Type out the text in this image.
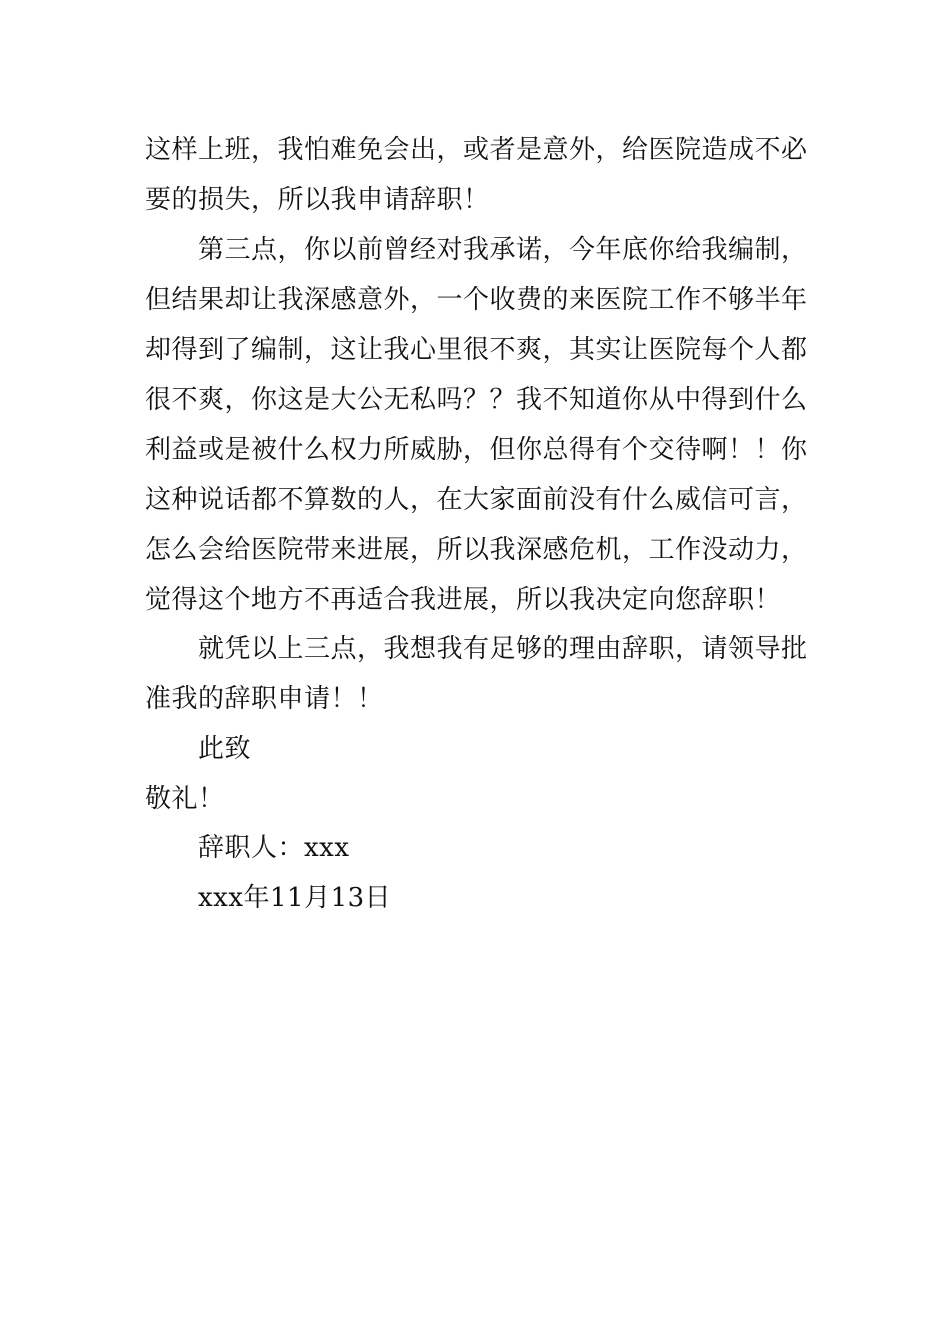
这样上班，我怕难免会出，或者是意外，给医院造成不必
要的损失，所以我申请辞职！
第三点，你以前曾经对我承诺，今年底你给我编制，
但结果却让我深感意外，一个收费的来医院工作不够半年
却得到了编制，这让我心里很不爽，其实让医院每个人都
很不爽，你这是大公无私吗？？我不知道你从中得到什么
利益或是被什么权力所威胁，但你总得有个交待啊！！你
这种说话都不算数的人，在大家面前没有什么威信可言，
怎么会给医院带来进展，所以我深感危机，工作没动力，
觉得这个地方不再适合我进展，所以我决定向您辞职！
就凭以上三点，我想我有足够的理由辞职，请领导批
准我的辞职申请！！
此致
敬礼！
辞职人：xxx
xxx年11月13日
